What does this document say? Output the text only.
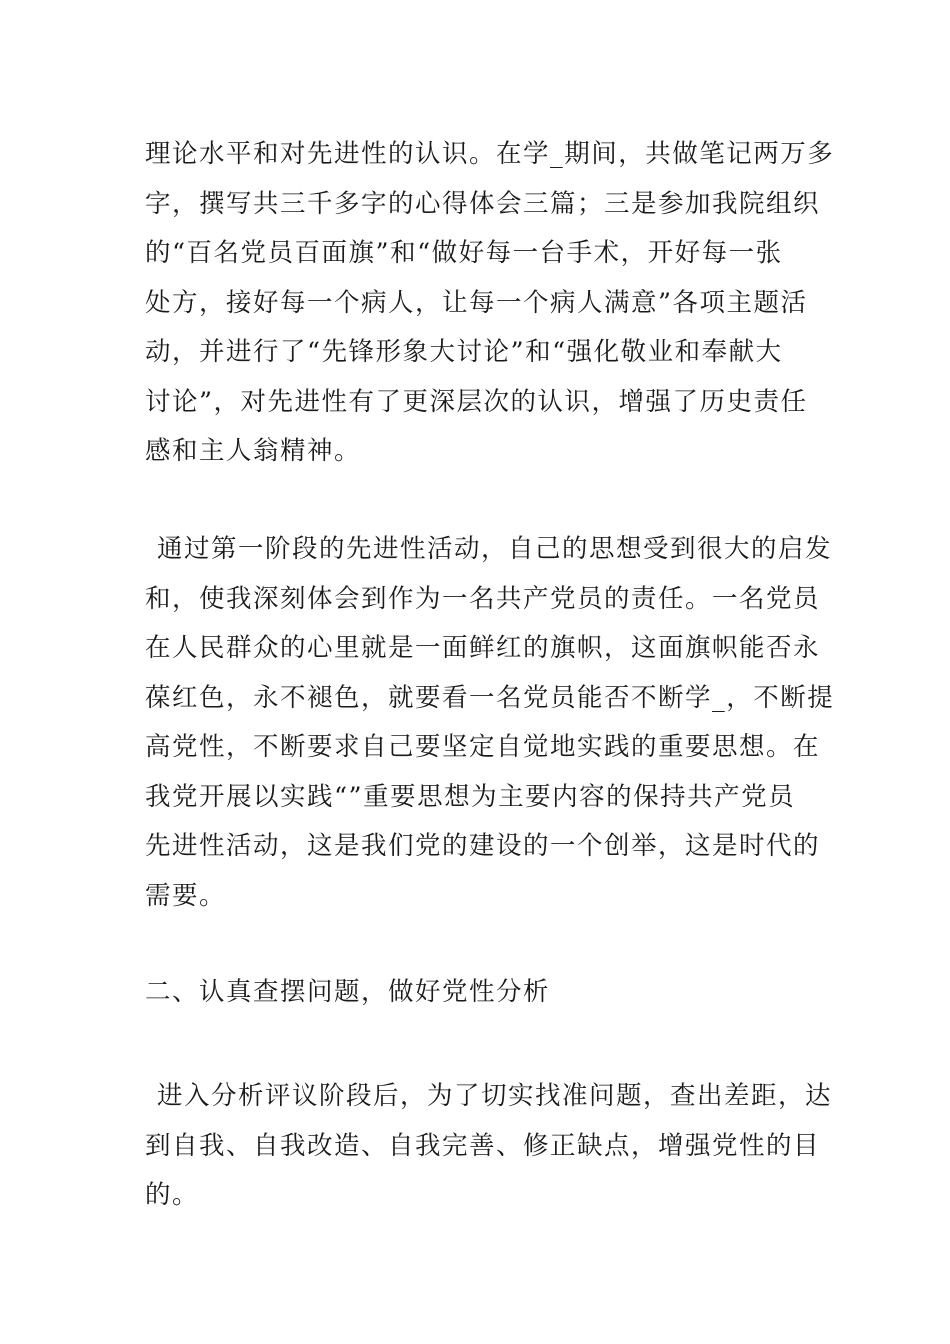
理论水平和对先进性的认识。在学_期间，共做笔记两万多
字，撰写共三千多字的心得体会三篇；三是参加我院组织
的“百名党员百面旗”和“做好每一台手术，开好每一张
处方，接好每一个病人，让每一个病人满意”各项主题活
动，并进行了“先锋形象大讨论”和“强化敬业和奉献大
讨论”，对先进性有了更深层次的认识，增强了历史责任
感和主人翁精神。
通过第一阶段的先进性活动，自己的思想受到很大的启发
和，使我深刻体会到作为一名共产党员的责任。一名党员
在人民群众的心里就是一面鲜红的旗帜，这面旗帜能否永
葆红色，永不褪色，就要看一名党员能否不断学_，不断提
高党性，不断要求自己要坚定自觉地实践的重要思想。在
我党开展以实践“”重要思想为主要内容的保持共产党员
先进性活动，这是我们党的建设的一个创举，这是时代的
需要。
二、认真查摆问题，做好党性分析
进入分析评议阶段后，为了切实找准问题，查出差距，达
到自我、自我改造、自我完善、修正缺点，增强党性的目
的。
